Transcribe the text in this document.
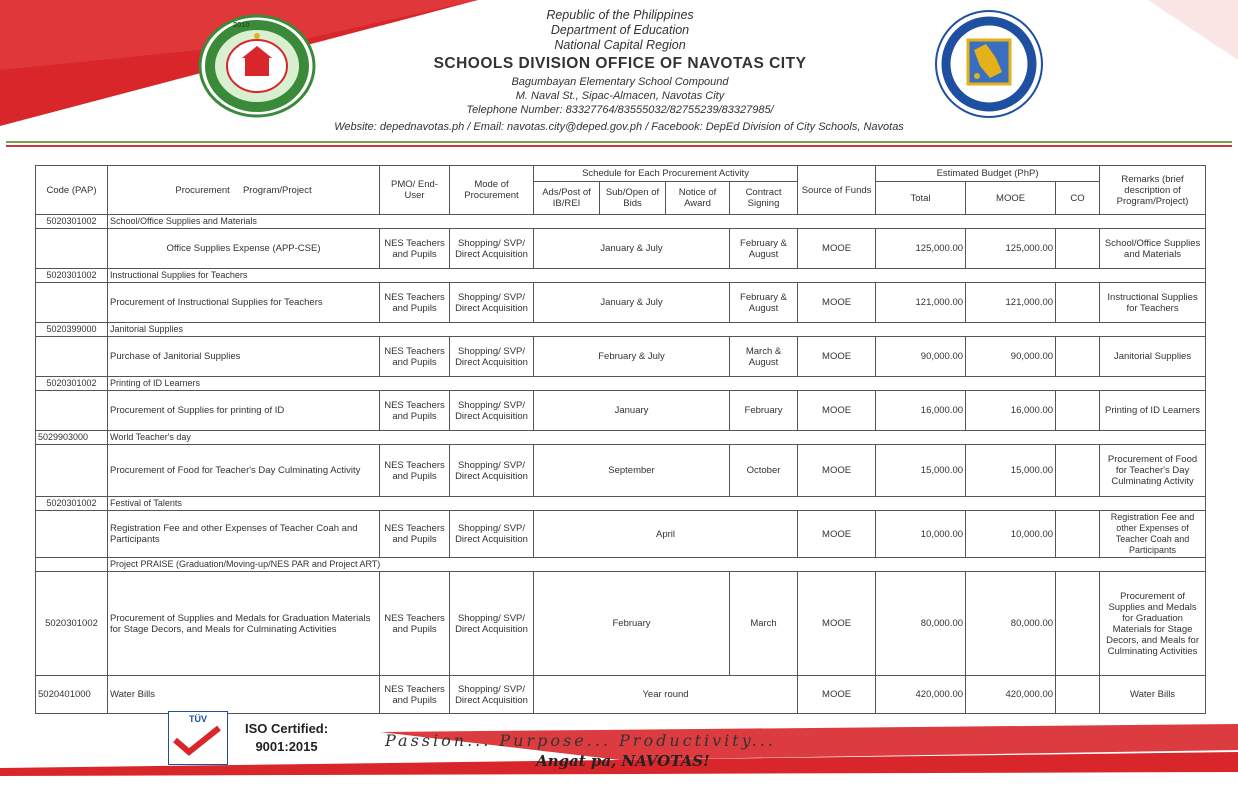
2010
Republic of the Philippines
Department of Education
National Capital Region
SCHOOLS DIVISION OFFICE OF NAVOTAS CITY
Bagumbayan Elementary School Compound
M. Naval St., Sipac-Almacen, Navotas City
Telephone Number: 83327764/83555032/82755239/83327985/
Website: depednavotas.ph / Email: navotas.city@deped.gov.ph / Facebook: DepEd Division of City Schools, Navotas
Code (PAP)	Procurement     Program/Project	PMO/ End-User	Mode of Procurement	Schedule for Each Procurement Activity				Source of Funds	Estimated Budget (PhP)			Remarks (brief description of Program/Project)
				Ads/Post of IB/REI	Sub/Open of Bids	Notice of Award	Contract Signing		Total	MOOE	CO	
5020301002	School/Office Supplies and Materials											
	Office Supplies Expense (APP-CSE)	NES Teachers and Pupils	Shopping/ SVP/ Direct Acquisition	January & July			February & August	MOOE	125,000.00	125,000.00		School/Office Supplies and Materials
5020301002	Instructional Supplies for Teachers											
	Procurement of Instructional Supplies for Teachers	NES Teachers and Pupils	Shopping/ SVP/ Direct Acquisition	January & July			February & August	MOOE	121,000.00	121,000.00		Instructional Supplies for Teachers
5020399000	Janitorial Supplies											
	Purchase of Janitorial Supplies	NES Teachers and Pupils	Shopping/ SVP/ Direct Acquisition	February & July			March & August	MOOE	90,000.00	90,000.00		Janitorial Supplies
5020301002	Printing of ID Learners											
	Procurement of Supplies for printing of ID	NES Teachers and Pupils	Shopping/ SVP/ Direct Acquisition	January			February	MOOE	16,000.00	16,000.00		Printing of ID Learners
5029903000	World Teacher's day											
	Procurement of Food for Teacher's Day Culminating Activity	NES Teachers and Pupils	Shopping/ SVP/ Direct Acquisition	September			October	MOOE	15,000.00	15,000.00		Procurement of Food for Teacher's Day Culminating Activity
5020301002	Festival of Talents											
	Registration Fee and other Expenses of Teacher Coah and Participants	NES Teachers and Pupils	Shopping/ SVP/ Direct Acquisition	April				MOOE	10,000.00	10,000.00		Registration Fee and other Expenses of Teacher Coah and Participants
	Project PRAISE (Graduation/Moving-up/NES PAR and Project ART)											
5020301002	Procurement of Supplies and Medals for Graduation Materials for Stage Decors, and Meals for Culminating Activities	NES Teachers and Pupils	Shopping/ SVP/ Direct Acquisition	February			March	MOOE	80,000.00	80,000.00		Procurement of Supplies and Medals for Graduation Materials for Stage Decors, and Meals for Culminating Activities
5020401000	Water Bills	NES Teachers and Pupils	Shopping/ SVP/ Direct Acquisition	Year round				MOOE	420,000.00	420,000.00		Water Bills
TÜV
ISO Certified:
9001:2015	Passion... Purpose... Productivity...
Angat pa, NAVOTAS!
